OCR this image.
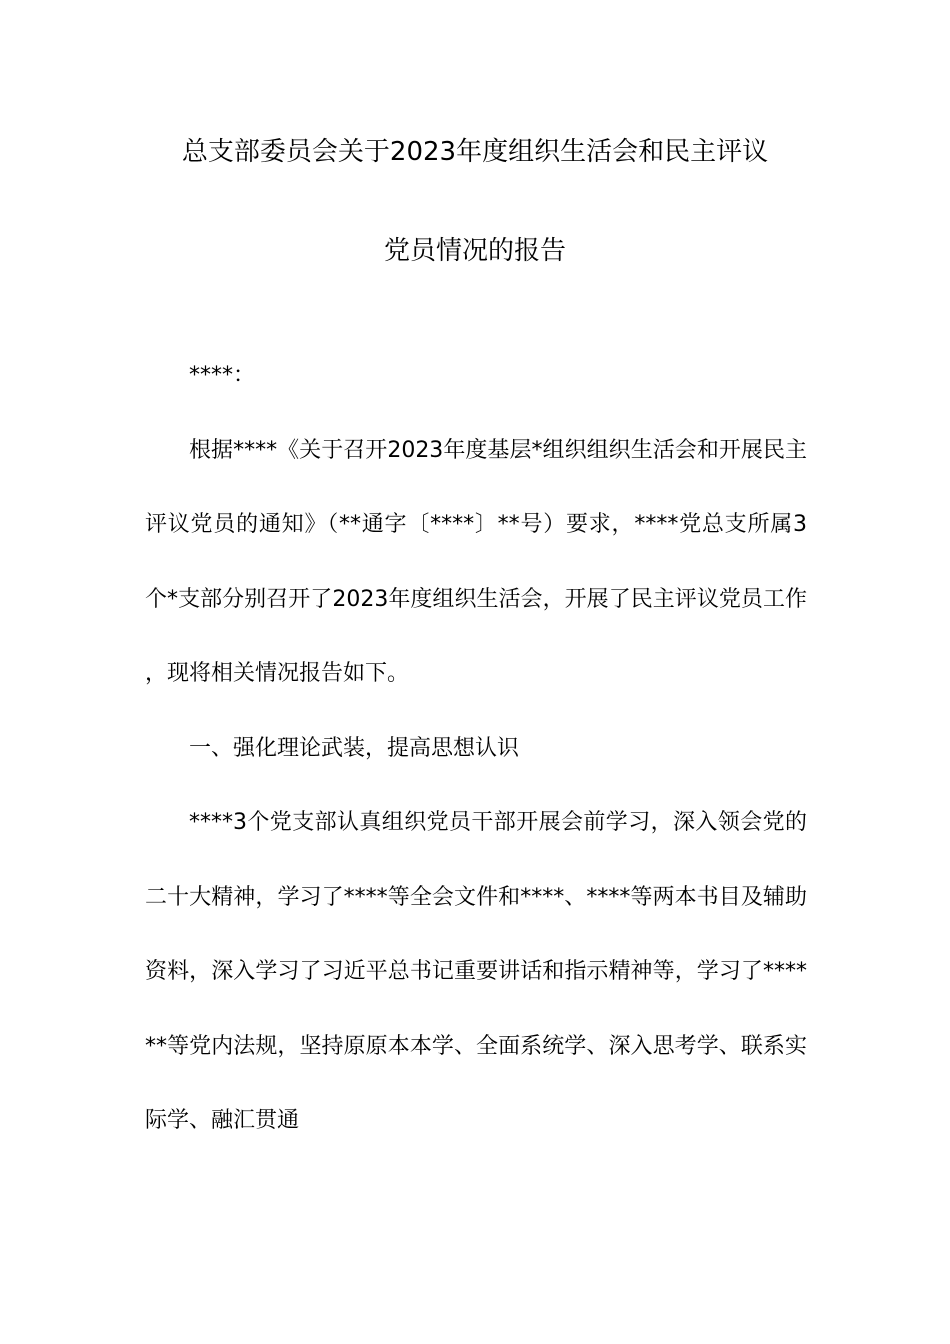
总支部委员会关于2023年度组织生活会和民主评议
党员情况的报告

****：

根据****《关于召开2023年度基层*组织组织生活会和开展民主评议党员的通知》（**通字〔****〕**号）要求，****党总支所属3个*支部分别召开了2023年度组织生活会，开展了民主评议党员工作，现将相关情况报告如下。

一、强化理论武装，提高思想认识

****3个党支部认真组织党员干部开展会前学习，深入领会党的二十大精神，学习了****等全会文件和****、****等两本书目及辅助资料，深入学习了习近平总书记重要讲话和指示精神等，学习了******等党内法规，坚持原原本本学、全面系统学、深入思考学、联系实际学、融汇贯通
